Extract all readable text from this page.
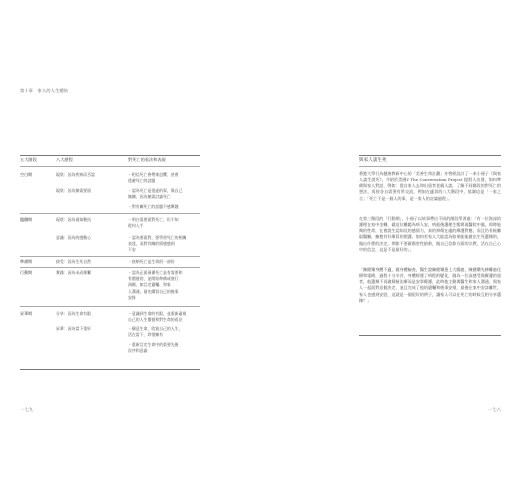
第十章　家人的人生總結
五大階段	八大歷程	對死亡的看法和表現
空白期	現狀：因為疾病而否認	・相信死亡會帶來恐懼，甚會
逃避死亡的話題
現狀：因為無需要面	・認為死亡是很遙的事，與自己
無關，因為無需討論死亡
・對有關死亡的話題不感興趣
醞釀期	現狀：因為預知動抗	・明白需要面對死亡，但不知
從何入手
意識：因為的感動心	・認為要面對，要學習死亡的相關
表達，而對有關的情感感到
不安
準備期	接受：因為生死自然	・接納死亡是生命的一部份
行動期	實踐：因為未而維繫	・認為正面預備死亡是有需要和
有價值的，並開始準備或進行
預備，如訂定遺囑、和家
人溝通，預先購買自己的後事
安排
昇華期	分享：因為生命有限	・意識到生命的有限，並重新審視
自己的人生價值和對生命的看法
昇華：因為當下重好	・願意生命，欣賞自己的人生，
活在當下，珍惜擁有
・重新訂定生命中的重要先後
次序和意義
與家人談生死
香港大學行為健康教研中心的「美善生命計劃」亦曾經設計了一本小冊子《與家人談生說死》，介紹於美國Y The Conversation Project 提倡人出發，如何準備與家人對話，例如：從自家人去和出患者老親人談，了解不同階段的對死亡的想法，再按各自需要有所交流，例如在適切的八大階段中，協調這是「一家之言」「死亡不是一個人的事，是一家人的討論過程」。
在第三階段的「行動期」，小冊子以故事帶出不同的階段學習過：「有一位資深的護理在家中坐轉，做這位難題為病人安，病逝後護理生態實現醫院中風，即時能夠的性命，在會說生認知及的感情力，真的掉傷在處的療護對應，而且仍有極難取醫難，擁抱有好療員的照護。如何若家人大能認為如果能能做出生死選擇的，做出什麼的決定，例如不要做傷害性搶救，做自己信仰方面的宗教，活在自己心中的信念，這是不是最好的」。
「陳健樂身體不適，做身體檢查，醫生說陳健樂患上大腸癌，陳健樂先陣難過化療和電療，過程十分辛苦，身體經歷了病程的變化，做為一位深感受與療護的患者，他選擇不再做積極治療而是安寧療護，此時他主動與醫生和家人溝通，與家人一起面對這個決定，並且完成了他的遺囑和後事安排，最後在家中安詳離世，家人也感到安慰，這就是一個很好的例子，讓家人可以在死亡的時候互相分享選擇？」
一七九	一七八
